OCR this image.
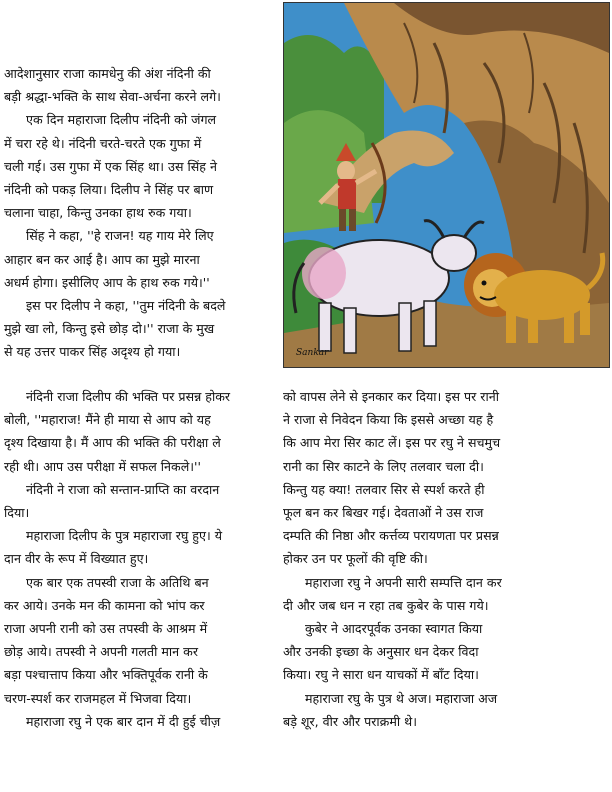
Sankar

आदेशानुसार राजा कामधेनु की अंश नंदिनी की
बड़ी श्रद्धा-भक्ति के साथ सेवा-अर्चना करने लगे।

एक दिन महाराजा दिलीप नंदिनी को जंगल
में चरा रहे थे। नंदिनी चरते-चरते एक गुफा में
चली गई। उस गुफा में एक सिंह था। उस सिंह ने
नंदिनी को पकड़ लिया। दिलीप ने सिंह पर बाण
चलाना चाहा, किन्तु उनका हाथ रुक गया।

सिंह ने कहा, ''हे राजन! यह गाय मेरे लिए
आहार बन कर आई है। आप का मुझे मारना
अधर्म होगा। इसीलिए आप के हाथ रुक गये।''

इस पर दिलीप ने कहा, ''तुम नंदिनी के बदले
मुझे खा लो, किन्तु इसे छोड़ दो।'' राजा के मुख
से यह उत्तर पाकर सिंह अदृश्य हो गया।

नंदिनी राजा दिलीप की भक्ति पर प्रसन्न होकर
बोली, ''महाराज! मैंने ही माया से आप को यह
दृश्य दिखाया है। मैं आप की भक्ति की परीक्षा ले
रही थी। आप उस परीक्षा में सफल निकले।''

नंदिनी ने राजा को सन्तान-प्राप्ति का वरदान
दिया।

महाराजा दिलीप के पुत्र महाराजा रघु हुए। ये
दान वीर के रूप में विख्यात हुए।

एक बार एक तपस्वी राजा के अतिथि बन
कर आये। उनके मन की कामना को भांप कर
राजा अपनी रानी को उस तपस्वी के आश्रम में
छोड़ आये। तपस्वी ने अपनी गलती मान कर
बड़ा पश्चात्ताप किया और भक्तिपूर्वक रानी के
चरण-स्पर्श कर राजमहल में भिजवा दिया।

महाराजा रघु ने एक बार दान में दी हुई चीज़

को वापस लेने से इनकार कर दिया। इस पर रानी
ने राजा से निवेदन किया कि इससे अच्छा यह है
कि आप मेरा सिर काट लें। इस पर रघु ने सचमुच
रानी का सिर काटने के लिए तलवार चला दी।
किन्तु यह क्या! तलवार सिर से स्पर्श करते ही
फूल बन कर बिखर गई। देवताओं ने उस राज
दम्पति की निष्ठा और कर्त्तव्य परायणता पर प्रसन्न
होकर उन पर फूलों की वृष्टि की।

महाराजा रघु ने अपनी सारी सम्पत्ति दान कर
दी और जब धन न रहा तब कुबेर के पास गये।

कुबेर ने आदरपूर्वक उनका स्वागत किया
और उनकी इच्छा के अनुसार धन देकर विदा
किया। रघु ने सारा धन याचकों में बाँट दिया।

महाराजा रघु के पुत्र थे अज। महाराजा अज
बड़े शूर, वीर और पराक्रमी थे।
